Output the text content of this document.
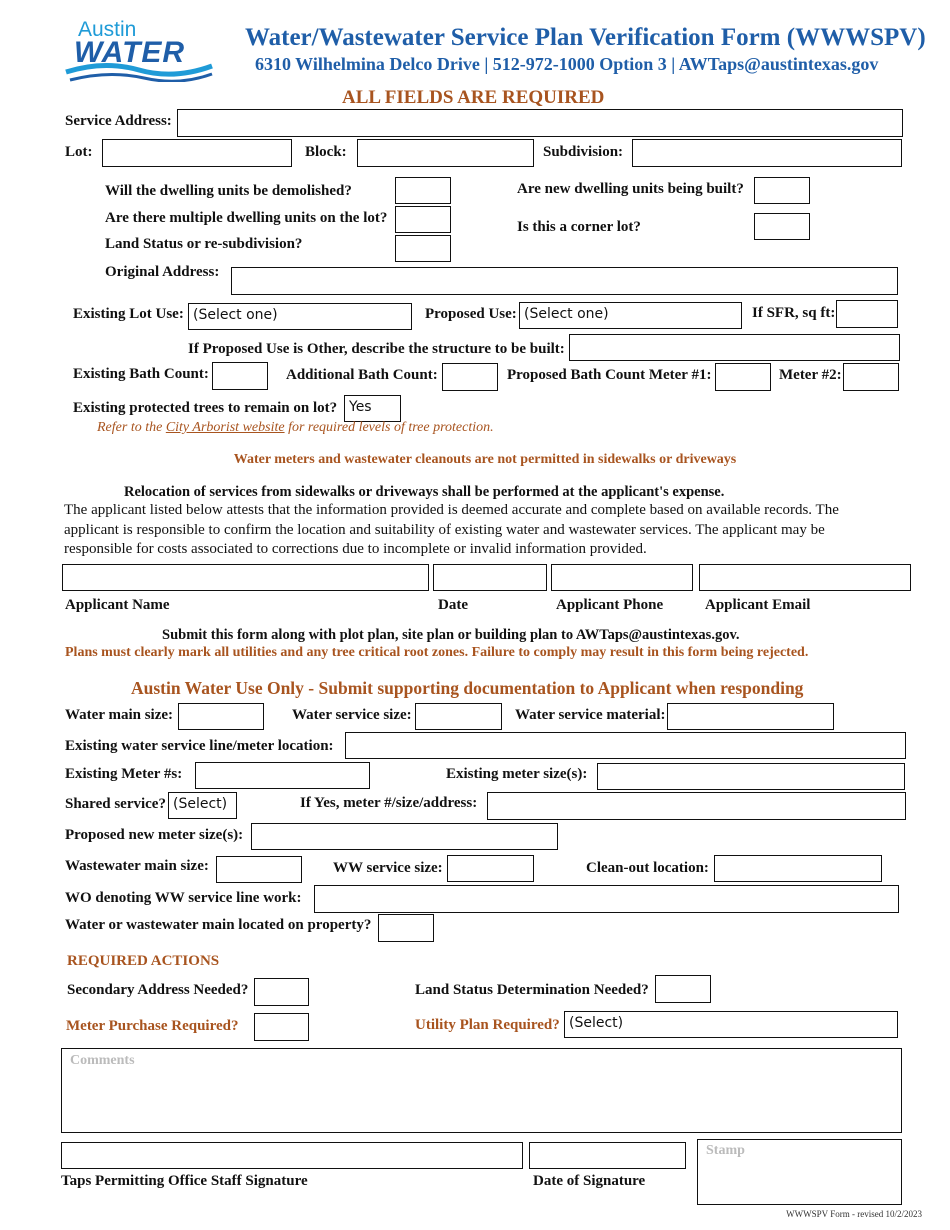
Austin
WATER Water/Wastewater Service Plan Verification Form (WWWSPV)
6310 Wilhelmina Delco Drive | 512-972-1000 Option 3 | AWTaps@austintexas.gov
ALL FIELDS ARE REQUIRED
Service Address:
Lot:	Block:	Subdivision:
Will the dwelling units be demolished?
Are there multiple dwelling units on the lot?
Land Status or re-subdivision?
Are new dwelling units being built?
Is this a corner lot?
Original Address:
Existing Lot Use: (Select one)	Proposed Use: (Select one)	If SFR, sq ft:
If Proposed Use is Other, describe the structure to be built:
Existing Bath Count:	Additional Bath Count:	Proposed Bath Count Meter #1:	Meter #2:
Existing protected trees to remain on lot? Yes
Refer to the City Arborist website for required levels of tree protection.
Water meters and wastewater cleanouts are not permitted in sidewalks or driveways
Relocation of services from sidewalks or driveways shall be performed at the applicant's expense.
The applicant listed below attests that the information provided is deemed accurate and complete based on available records. The applicant is responsible to confirm the location and suitability of existing water and wastewater services. The applicant may be responsible for costs associated to corrections due to incomplete or invalid information provided.
Applicant Name	Date	Applicant Phone	Applicant Email
Submit this form along with plot plan, site plan or building plan to AWTaps@austintexas.gov.
Plans must clearly mark all utilities and any tree critical root zones. Failure to comply may result in this form being rejected.
Austin Water Use Only - Submit supporting documentation to Applicant when responding
Water main size:	Water service size:	Water service material:
Existing water service line/meter location:
Existing Meter #s:	Existing meter size(s):
Shared service? (Select)	If Yes, meter #/size/address:
Proposed new meter size(s):
Wastewater main size:	WW service size:	Clean-out location:
WO denoting WW service line work:
Water or wastewater main located on property?
REQUIRED ACTIONS
Secondary Address Needed?	Land Status Determination Needed?
Meter Purchase Required?	Utility Plan Required? (Select)
Comments
Stamp
Taps Permitting Office Staff Signature	Date of Signature
WWWSPV Form - revised 10/2/2023
